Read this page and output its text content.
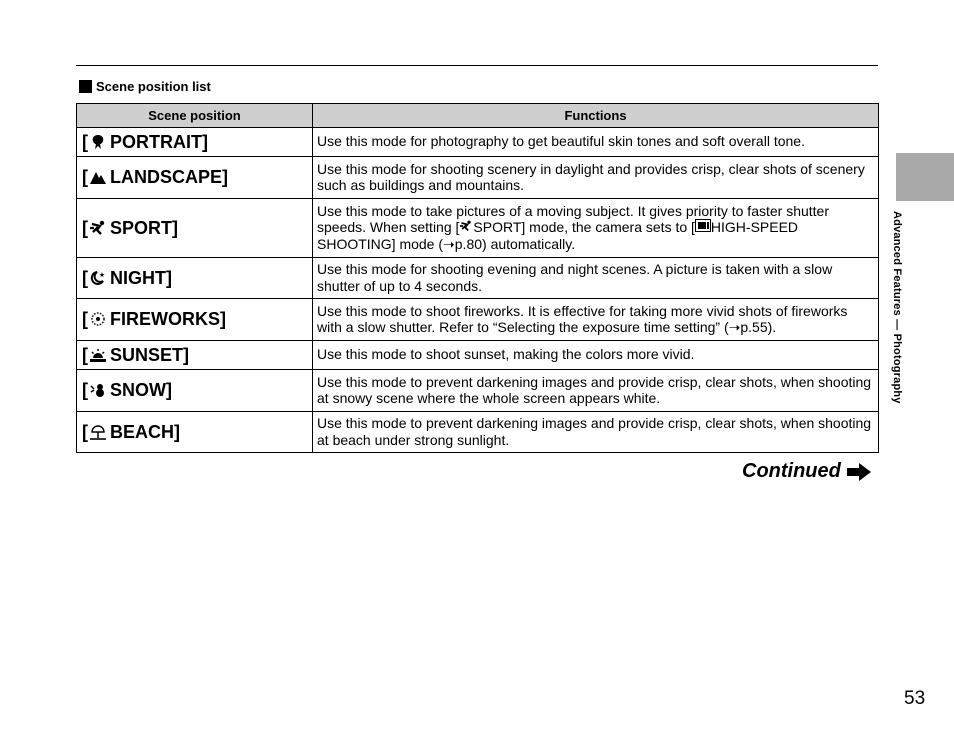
Scene position list
Scene position	Functions
[ PORTRAIT]	Use this mode for photography to get beautiful skin tones and soft overall tone.
[ LANDSCAPE]	Use this mode for shooting scenery in daylight and provides crisp, clear shots of scenery such as buildings and mountains.
[ SPORT]	Use this mode to take pictures of a moving subject. It gives priority to faster shutter speeds. When setting [ SPORT] mode, the camera sets to [ HIGH-SPEED SHOOTING] mode (➝p.80) automatically.
[ NIGHT]	Use this mode for shooting evening and night scenes. A picture is taken with a slow shutter of up to 4 seconds.
[ FIREWORKS]	Use this mode to shoot fireworks. It is effective for taking more vivid shots of fireworks with a slow shutter. Refer to “Selecting the exposure time setting” (➝p.55).
[ SUNSET]	Use this mode to shoot sunset, making the colors more vivid.
[ SNOW]	Use this mode to prevent darkening images and provide crisp, clear shots, when shooting at snowy scene where the whole screen appears white.
[ BEACH]	Use this mode to prevent darkening images and provide crisp, clear shots, when shooting at beach under strong sunlight.
Continued
Advanced Features — Photography
53
